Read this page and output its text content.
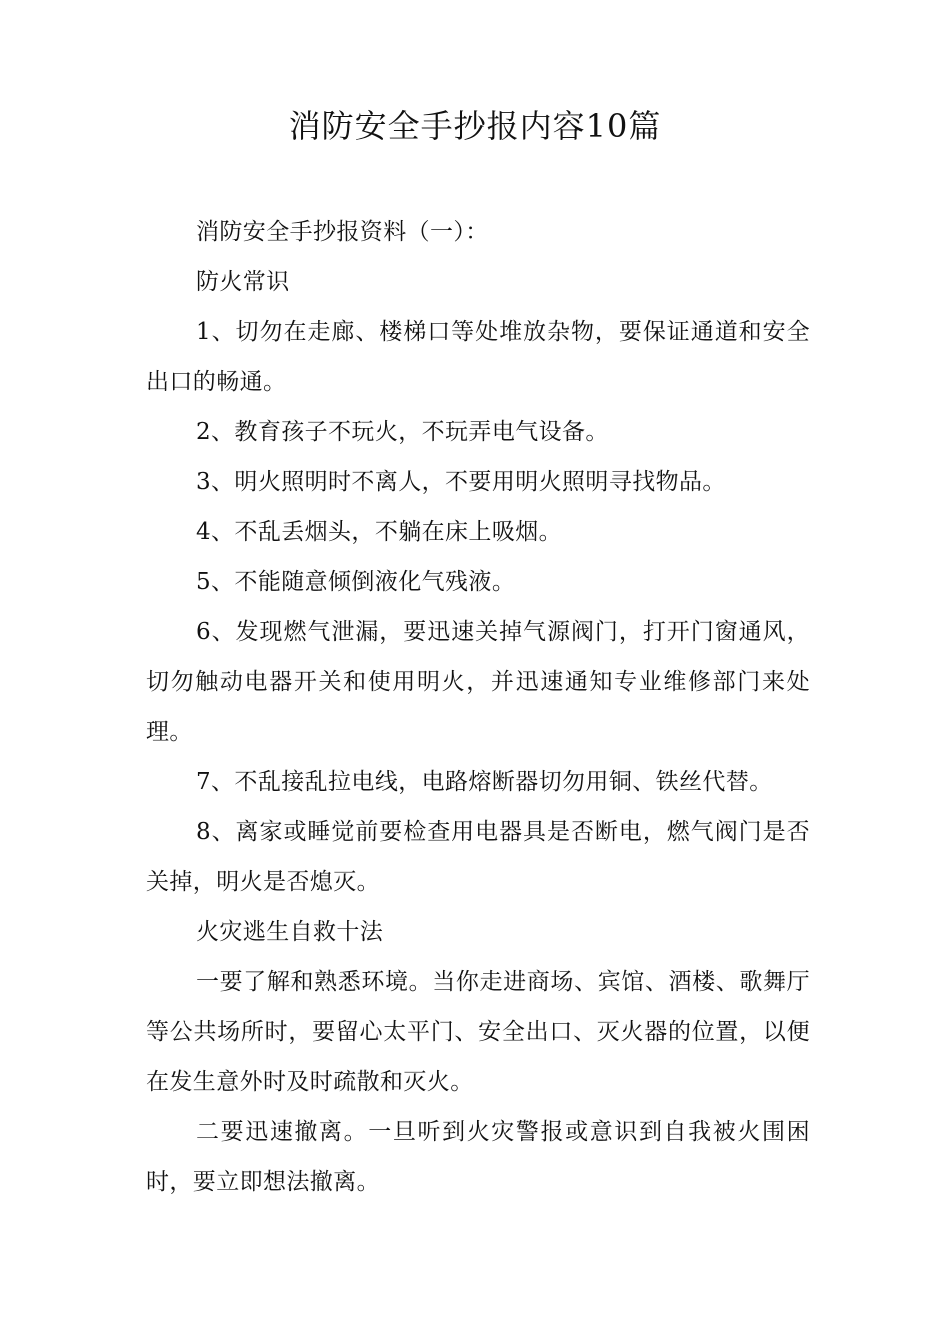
消防安全手抄报内容10篇

消防安全手抄报资料（一）：

防火常识

1、切勿在走廊、楼梯口等处堆放杂物，要保证通道和安全出口的畅通。

2、教育孩子不玩火，不玩弄电气设备。

3、明火照明时不离人，不要用明火照明寻找物品。

4、不乱丢烟头，不躺在床上吸烟。

5、不能随意倾倒液化气残液。

6、发现燃气泄漏，要迅速关掉气源阀门，打开门窗通风，切勿触动电器开关和使用明火，并迅速通知专业维修部门来处理。

7、不乱接乱拉电线，电路熔断器切勿用铜、铁丝代替。

8、离家或睡觉前要检查用电器具是否断电，燃气阀门是否关掉，明火是否熄灭。

火灾逃生自救十法

一要了解和熟悉环境。当你走进商场、宾馆、酒楼、歌舞厅等公共场所时，要留心太平门、安全出口、灭火器的位置，以便在发生意外时及时疏散和灭火。

二要迅速撤离。一旦听到火灾警报或意识到自我被火围困时，要立即想法撤离。
